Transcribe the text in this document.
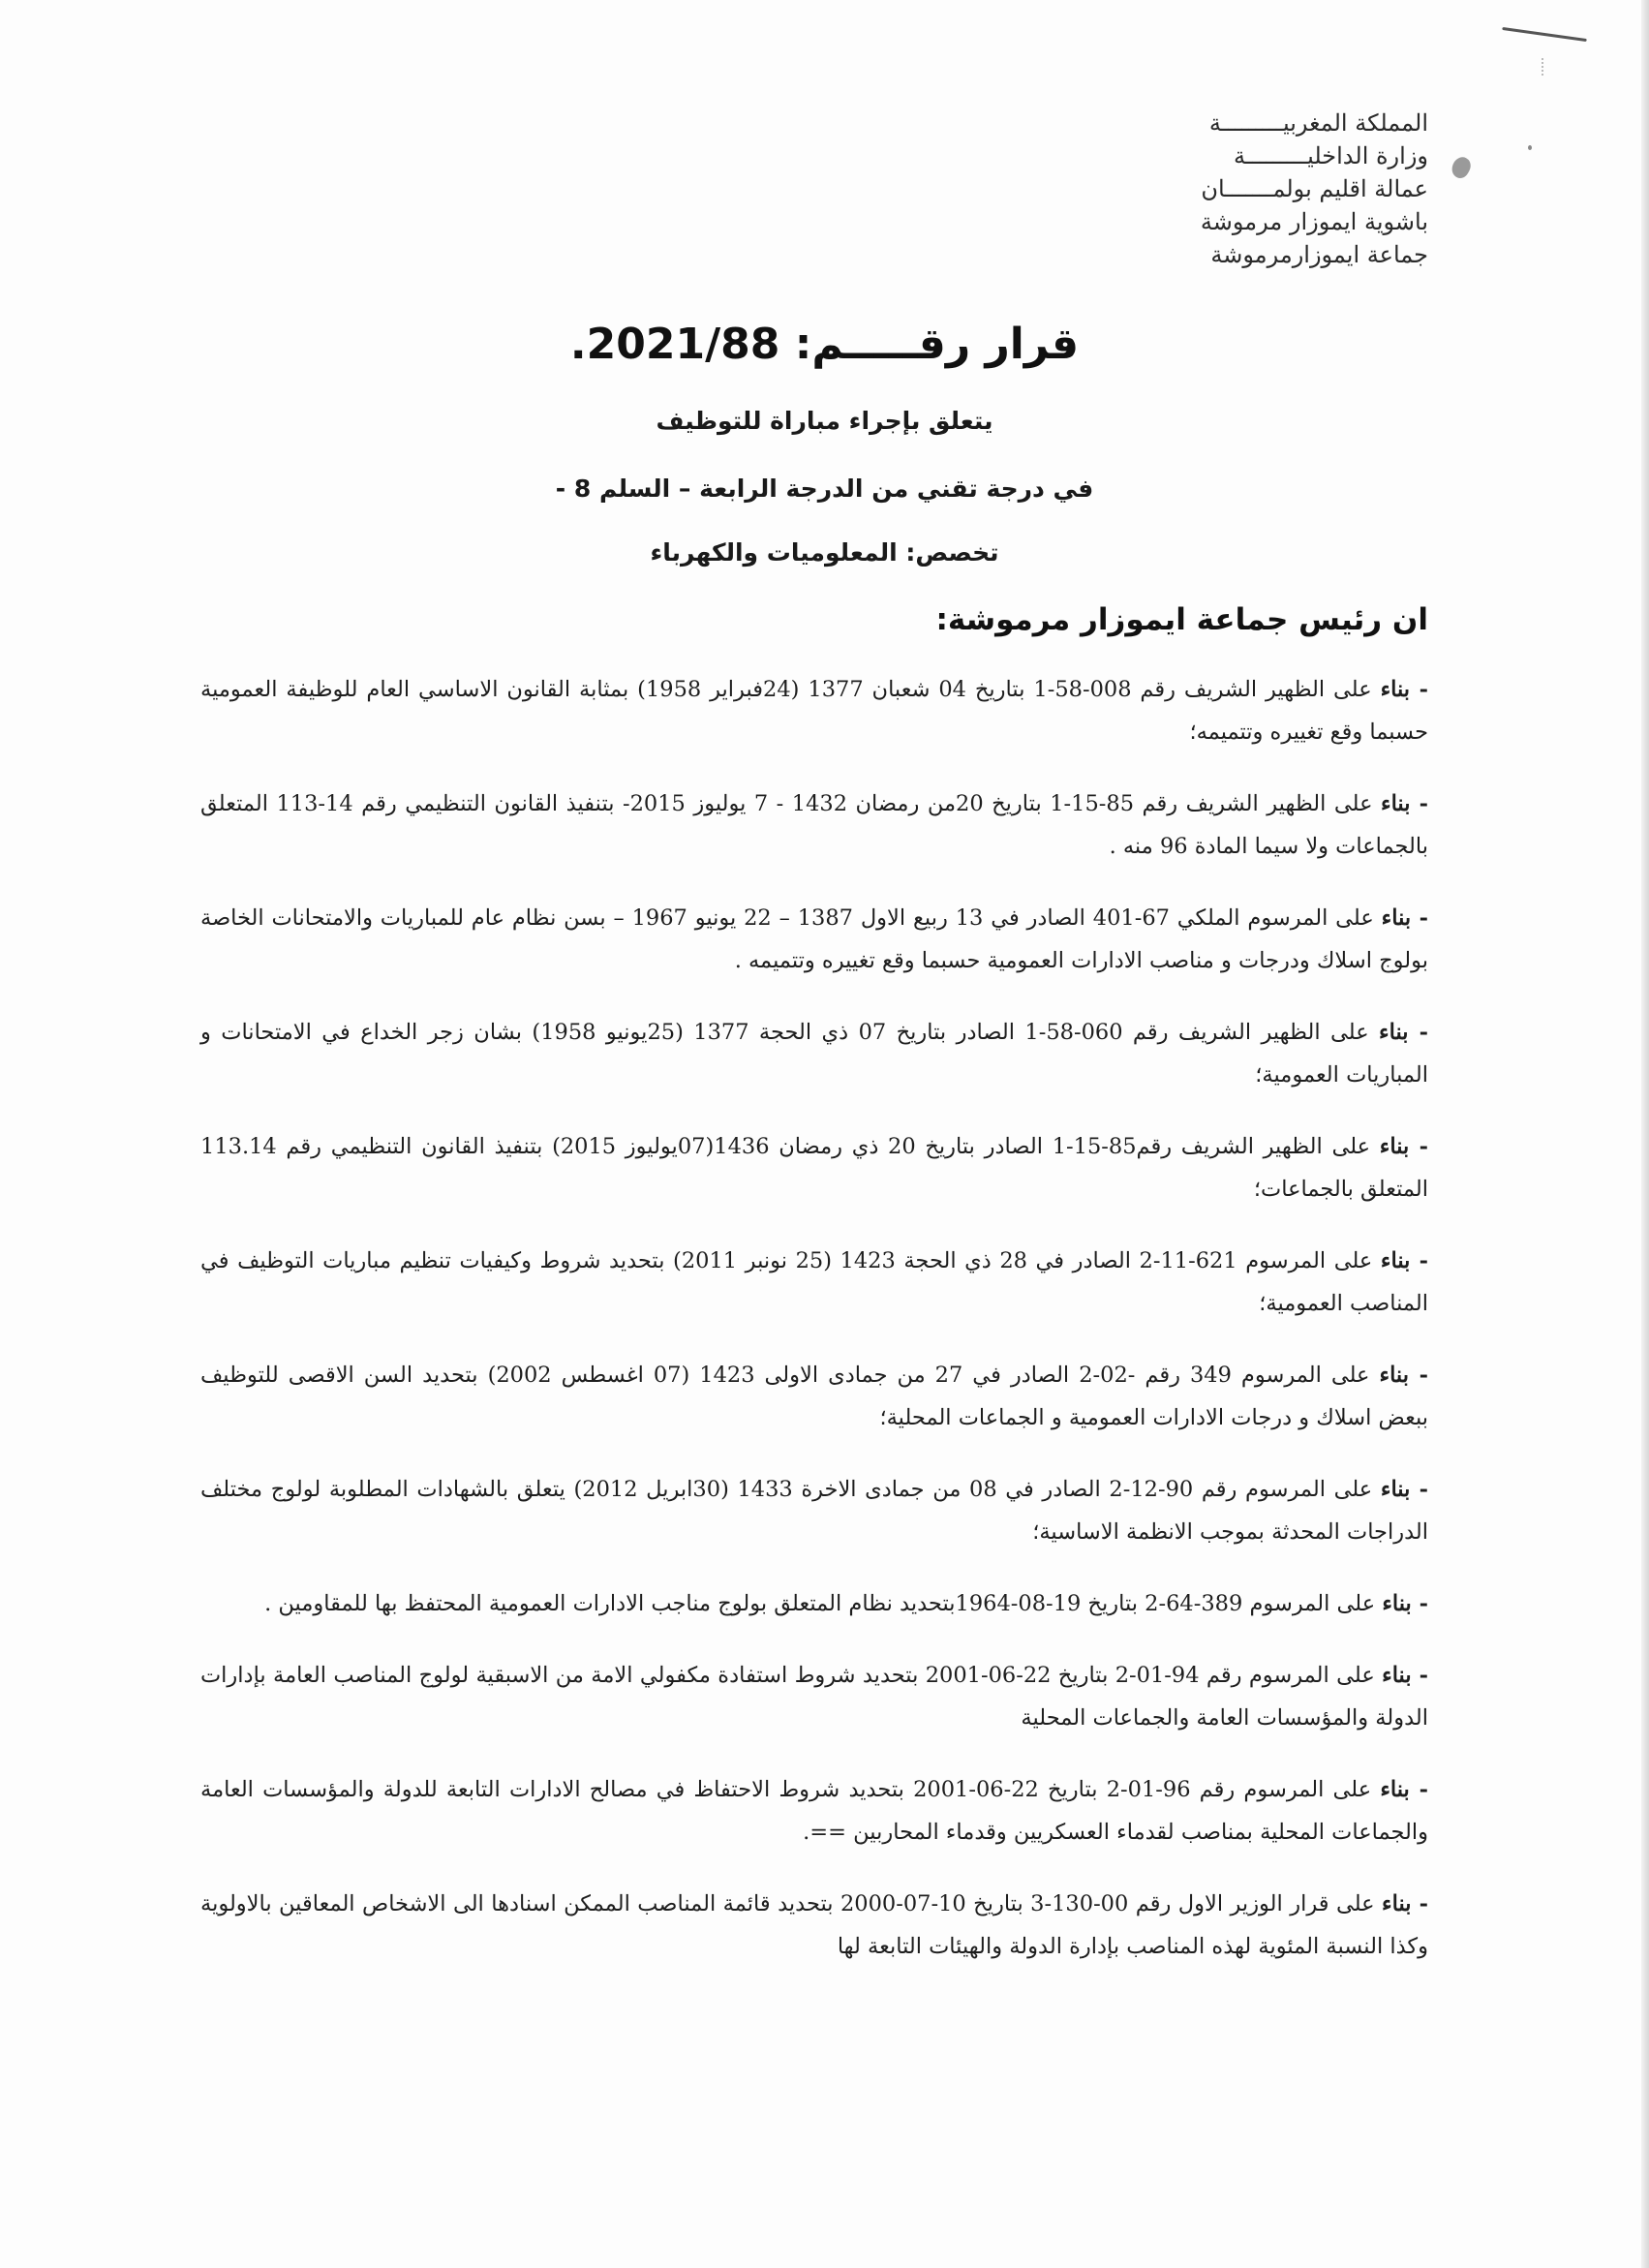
المملكة المغربيـــــــــة
وزارة الداخليـــــــــة
عمالة اقليم بولمـــــــان
باشوية ايموزار مرموشة
جماعة ايموزارمرموشة
قرار رقـــــم: 2021/88.
يتعلق بإجراء مباراة للتوظيف
في درجة تقني من الدرجة الرابعة – السلم 8 -
تخصص: المعلوميات والكهرباء
ان رئيس جماعة ايموزار مرموشة:

- بناء على الظهير الشريف رقم 008-58-1 بتاريخ 04 شعبان 1377 (24فبراير 1958) بمثابة القانون الاساسي العام للوظيفة العمومية حسبما وقع تغييره وتتميمه؛

- بناء على الظهير الشريف رقم 85-15-1 بتاريخ 20من رمضان 1432 - 7 يوليوز 2015- بتنفيذ القانون التنظيمي رقم 14-113 المتعلق بالجماعات ولا سيما المادة 96 منه .

- بناء على المرسوم الملكي 67-401 الصادر في 13 ربيع الاول 1387 – 22 يونيو 1967 – بسن نظام عام للمباريات والامتحانات الخاصة بولوج اسلاك ودرجات و مناصب الادارات العمومية حسبما وقع تغييره وتتميمه .

- بناء على الظهير الشريف رقم 060-58-1 الصادر بتاريخ 07 ذي الحجة 1377 (25يونيو 1958) بشان زجر الخداع في الامتحانات و المباريات العمومية؛

- بناء على الظهير الشريف رقم85-15-1 الصادر بتاريخ 20 ذي رمضان 1436(07يوليوز 2015) بتنفيذ القانون التنظيمي رقم 113.14 المتعلق بالجماعات؛

- بناء على المرسوم 621-11-2 الصادر في 28 ذي الحجة 1423 (25 نونبر 2011) بتحديد شروط وكيفيات تنظيم مباريات التوظيف في المناصب العمومية؛

- بناء على المرسوم 349 رقم -02-2 الصادر في 27 من جمادى الاولى 1423 (07 اغسطس 2002) بتحديد السن الاقصى للتوظيف ببعض اسلاك و درجات الادارات العمومية و الجماعات المحلية؛

- بناء على المرسوم رقم 90-12-2 الصادر في 08 من جمادى الاخرة 1433 (30ابريل 2012) يتعلق بالشهادات المطلوبة لولوج مختلف الدراجات المحدثة بموجب الانظمة الاساسية؛

- بناء على المرسوم 389-64-2 بتاريخ 19-08-1964بتحديد نظام المتعلق بولوج مناجب الادارات العمومية المحتفظ بها للمقاومين .

- بناء على المرسوم رقم 94-01-2 بتاريخ 22-06-2001 بتحديد شروط استفادة مكفولي الامة من الاسبقية لولوج المناصب العامة بإدارات الدولة والمؤسسات العامة والجماعات المحلية

- بناء على المرسوم رقم 96-01-2 بتاريخ 22-06-2001 بتحديد شروط الاحتفاظ في مصالح الادارات التابعة للدولة والمؤسسات العامة والجماعات المحلية بمناصب لقدماء العسكريين وقدماء المحاربين ==.

- بناء على قرار الوزير الاول رقم 00-130-3 بتاريخ 10-07-2000 بتحديد قائمة المناصب الممكن اسنادها الى الاشخاص المعاقين بالاولوية وكذا النسبة المئوية لهذه المناصب بإدارة الدولة والهيئات التابعة لها
